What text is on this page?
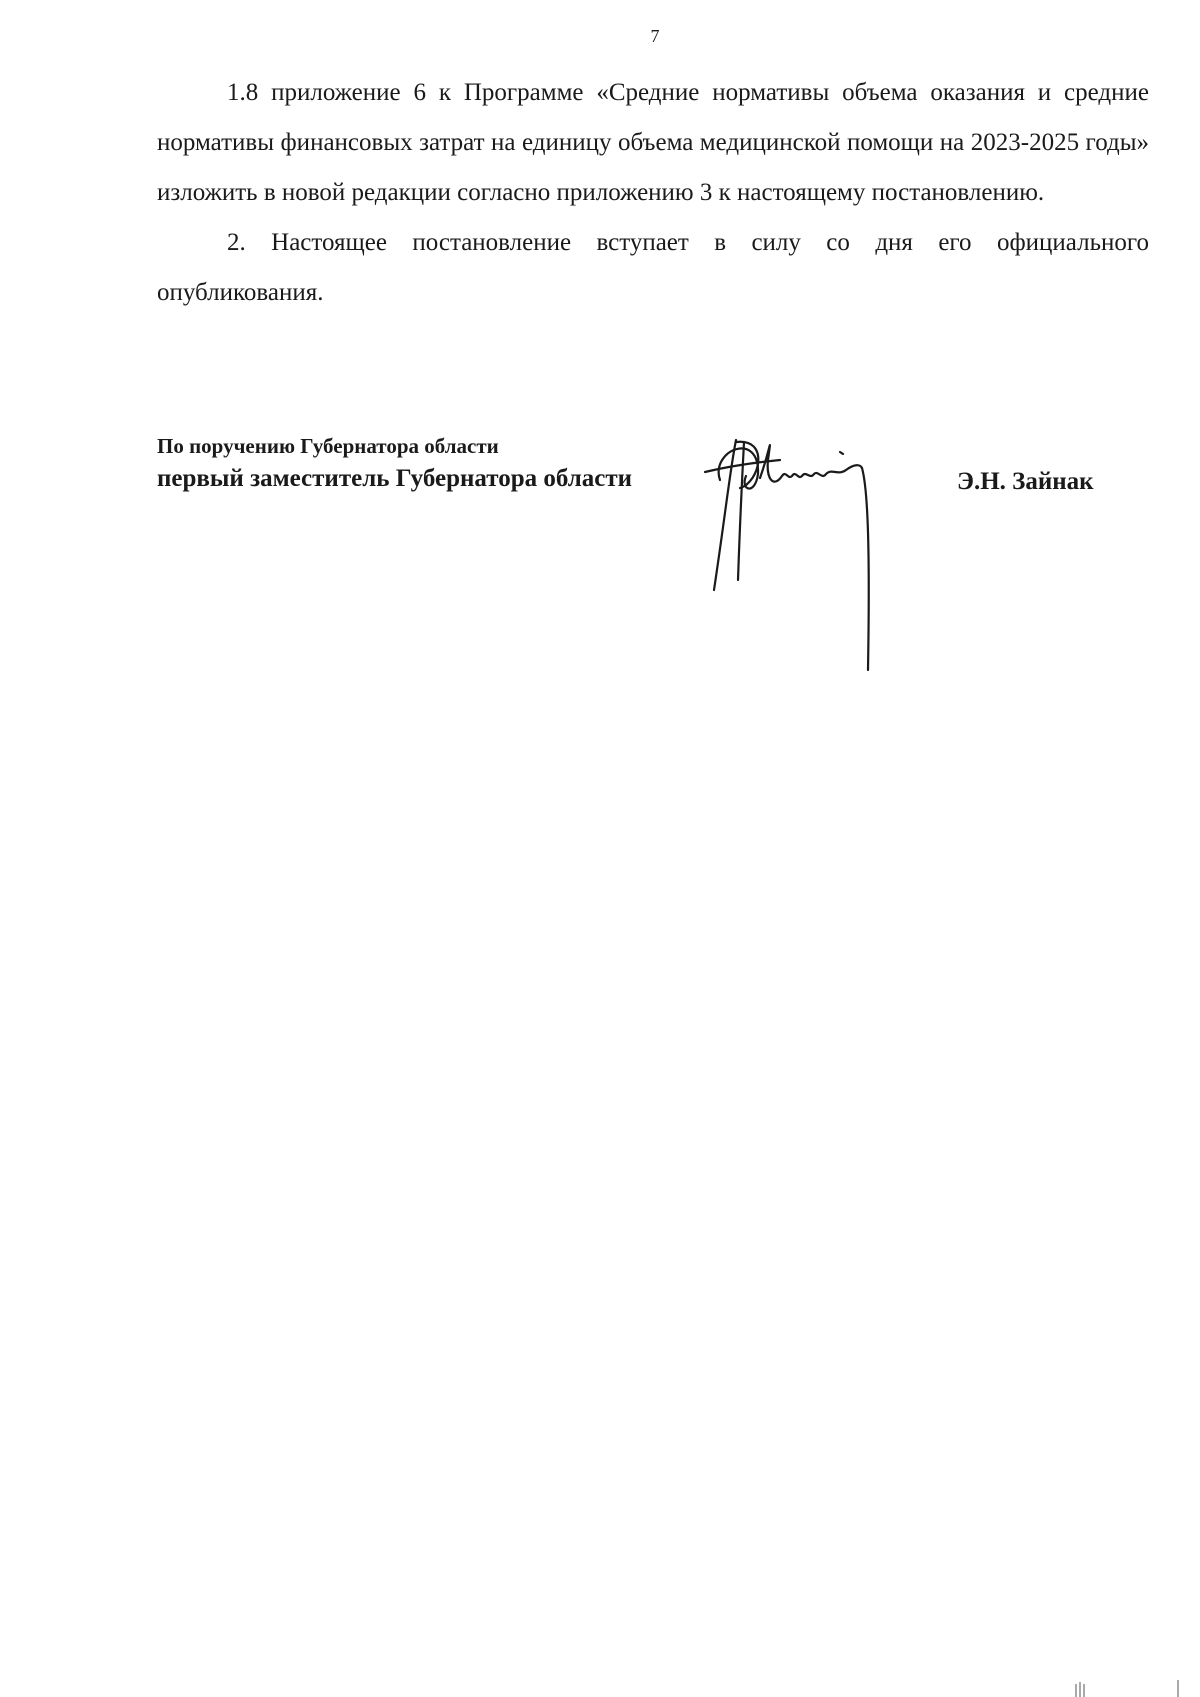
7

1.8 приложение 6 к Программе «Средние нормативы объема оказания и средние нормативы финансовых затрат на единицу объема медицинской помощи на 2023-2025 годы» изложить в новой редакции согласно приложению 3 к настоящему постановлению.

2. Настоящее постановление вступает в силу со дня его официального опубликования.

По поручению Губернатора области
первый заместитель Губернатора области	Э.Н. Зайнак
